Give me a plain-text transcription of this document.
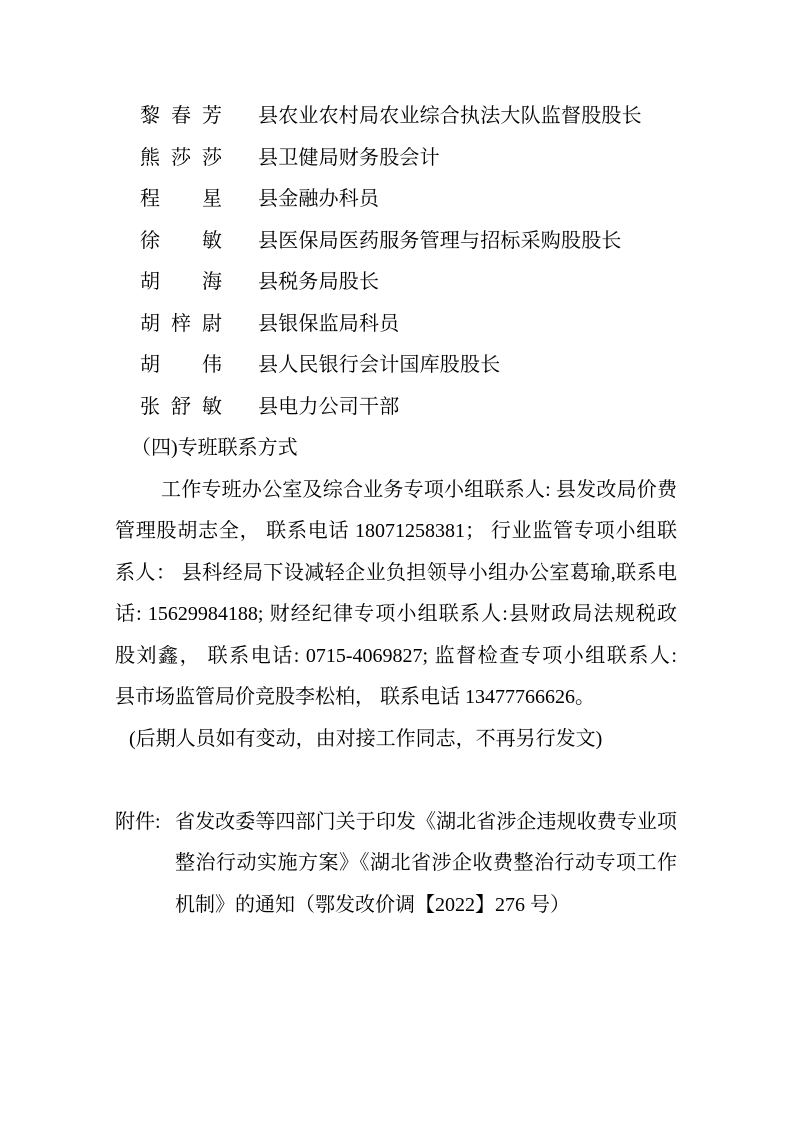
黎春芳 县农业农村局农业综合执法大队监督股股长
熊莎莎 县卫健局财务股会计
程　星 县金融办科员
徐　敏 县医保局医药服务管理与招标采购股股长
胡　海 县税务局股长
胡梓尉 县银保监局科员
胡　伟 县人民银行会计国库股股长
张舒敏 县电力公司干部
（四)专班联系方式
工作专班办公室及综合业务专项小组联系人: 县发改局价费
管理股胡志全， 联系电话 18071258381； 行业监管专项小组联
系人： 县科经局下设减轻企业负担领导小组办公室葛瑜,联系电
话: 15629984188; 财经纪律专项小组联系人:县财政局法规税政
股刘鑫， 联系电话: 0715-4069827; 监督检查专项小组联系人:
县市场监管局价竞股李松柏， 联系电话 13477766626。
(后期人员如有变动，由对接工作同志，不再另行发文)
附件: 省发改委等四部门关于印发《湖北省涉企违规收费专业项
整治行动实施方案》《湖北省涉企收费整治行动专项工作
机制》的通知（鄂发改价调【2022】276 号）
